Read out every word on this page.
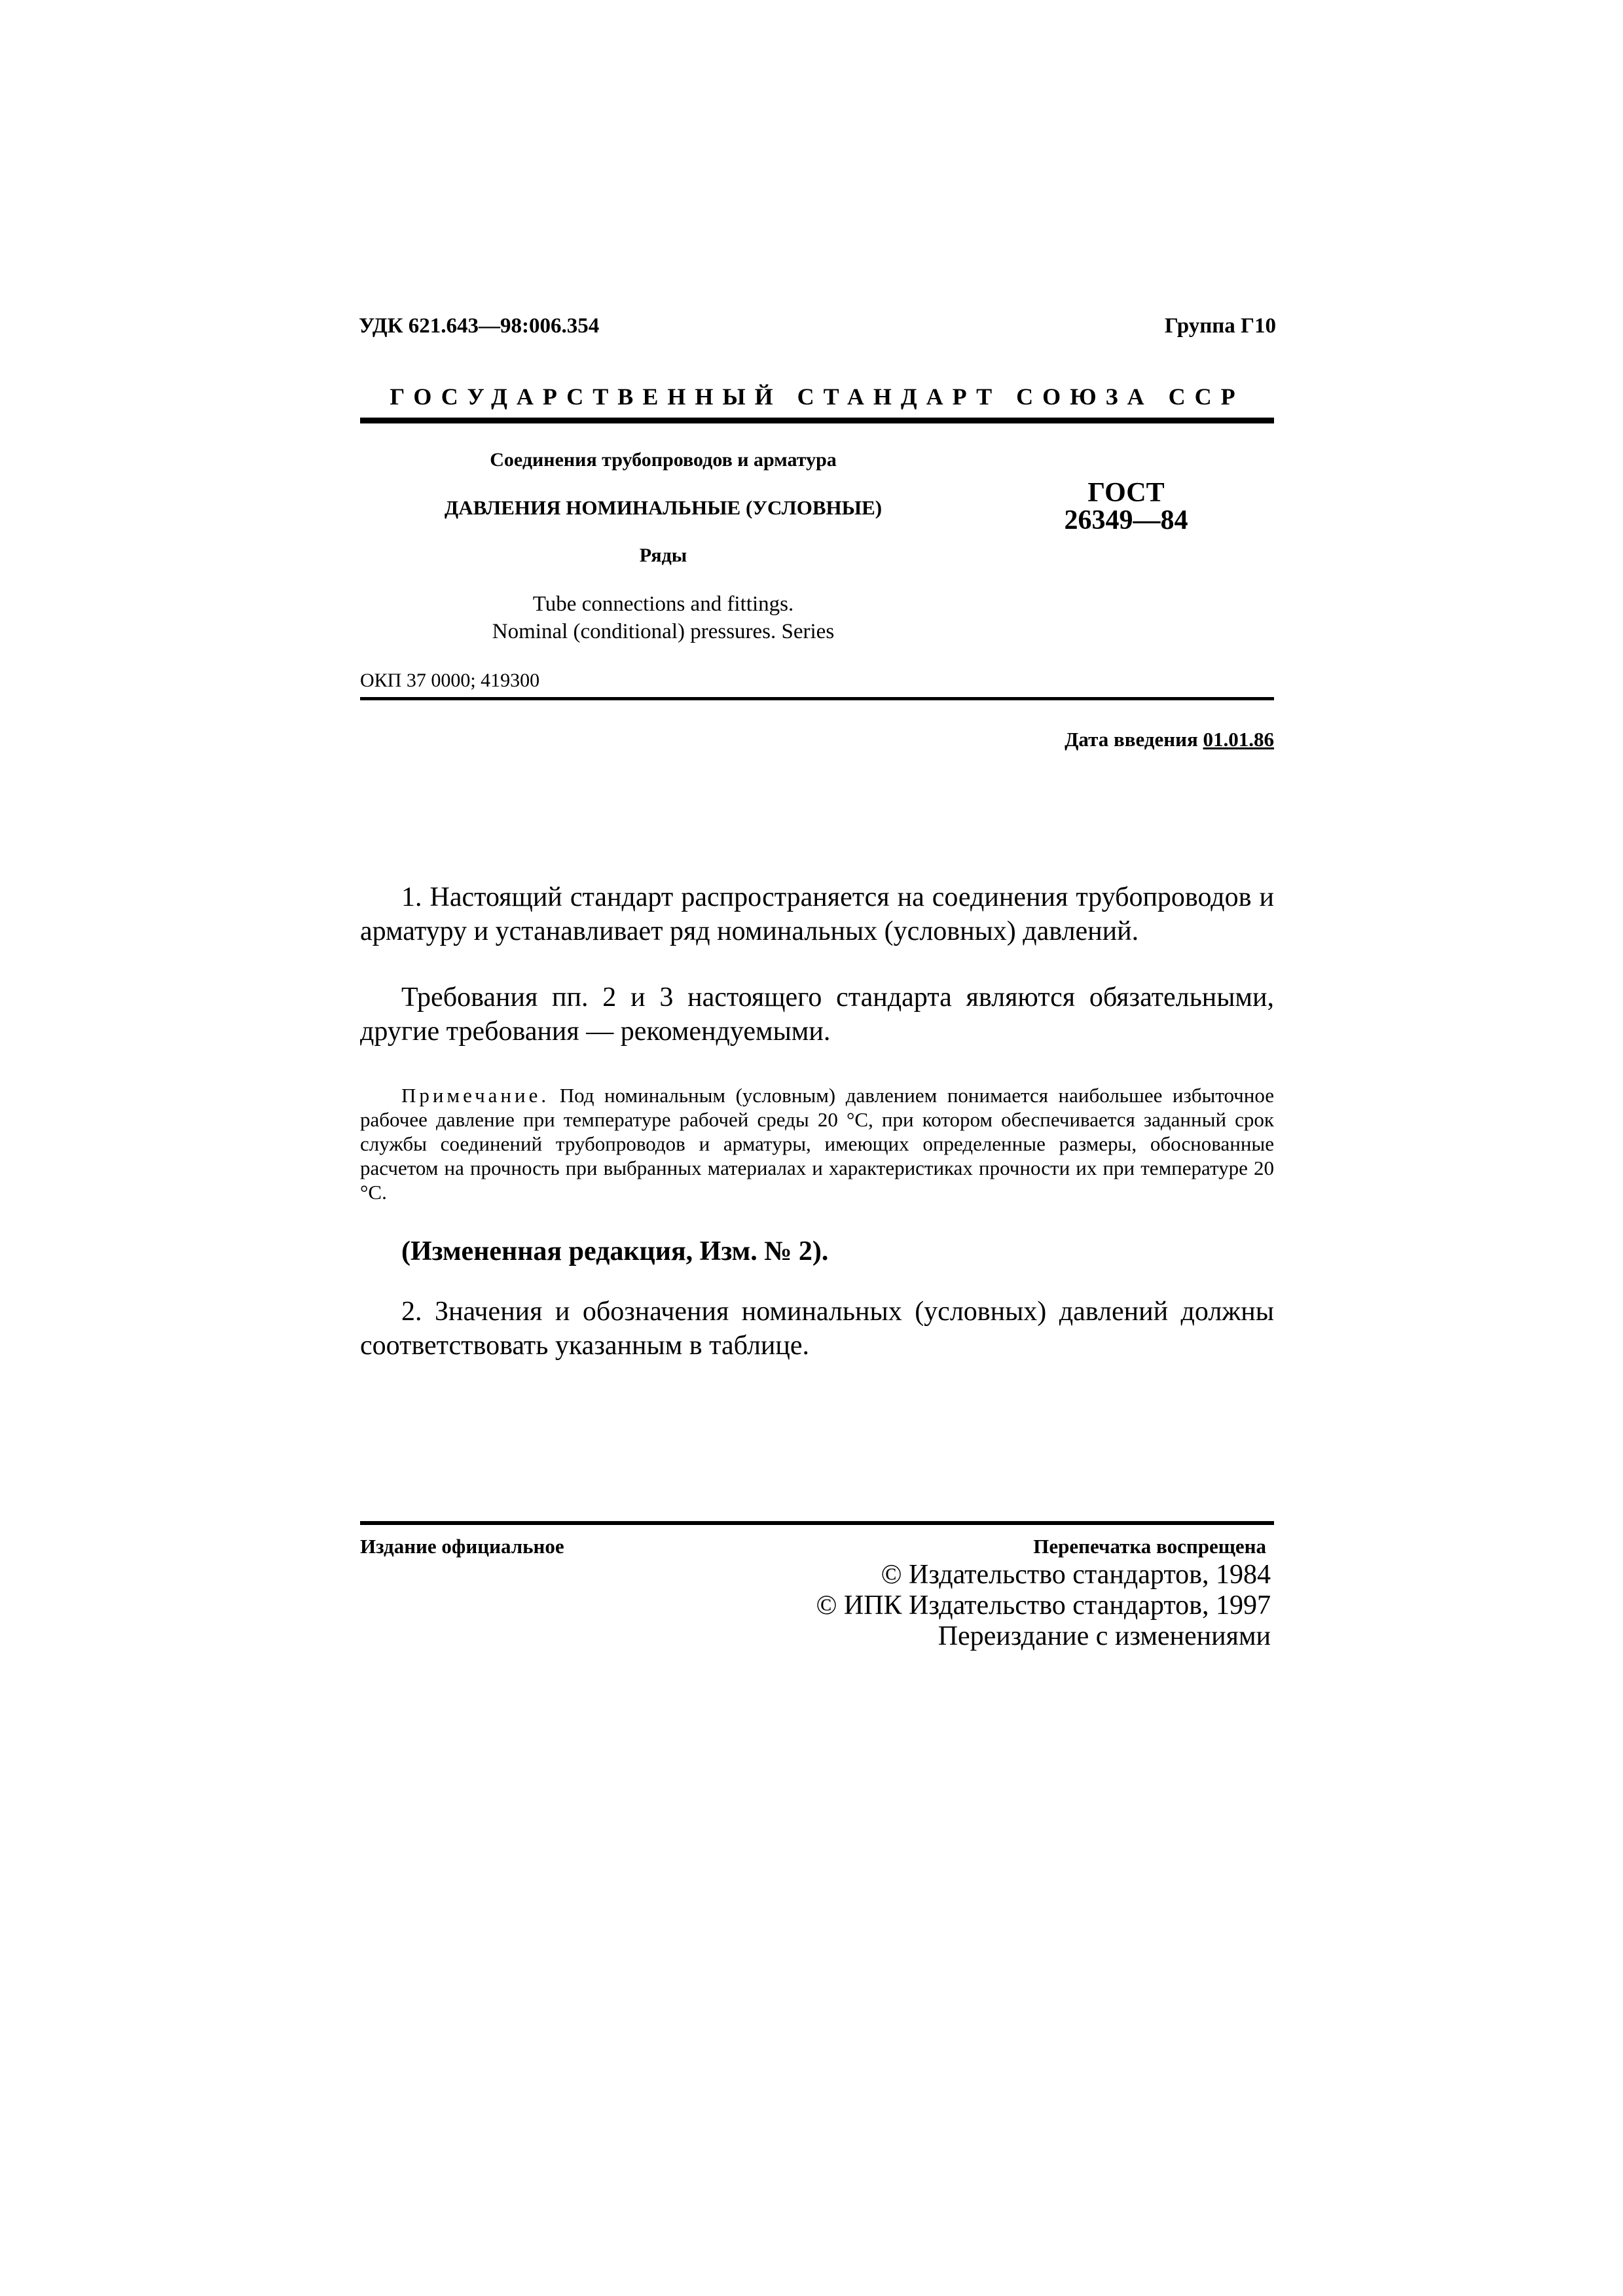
УДК 621.643—98:006.354	Группа Г10
ГОСУДАРСТВЕННЫЙ СТАНДАРТ СОЮЗА ССР
Соединения трубопроводов и арматура
ДАВЛЕНИЯ НОМИНАЛЬНЫЕ (УСЛОВНЫЕ)
Ряды
ГОСТ
26349—84
Tube connections and fittings.
Nominal (conditional) pressures. Series
ОКП 37 0000; 419300
Дата введения 01.01.86

1. Настоящий стандарт распространяется на соединения трубопроводов и арматуру и устанавливает ряд номинальных (условных) давлений.

Требования пп. 2 и 3 настоящего стандарта являются обязательными, другие требования — рекомендуемыми.

Примечание. Под номинальным (условным) давлением понимается наибольшее избыточное рабочее давление при температуре рабочей среды 20 °С, при котором обеспечивается заданный срок службы соединений трубопроводов и арматуры, имеющих определенные размеры, обоснованные расчетом на прочность при выбранных материалах и характеристиках прочности их при температуре 20 °С.

(Измененная редакция, Изм. № 2).

2. Значения и обозначения номинальных (условных) давлений должны соответствовать указанным в таблице.

Издание официальное	Перепечатка воспрещена
© Издательство стандартов, 1984
© ИПК Издательство стандартов, 1997
Переиздание с изменениями
